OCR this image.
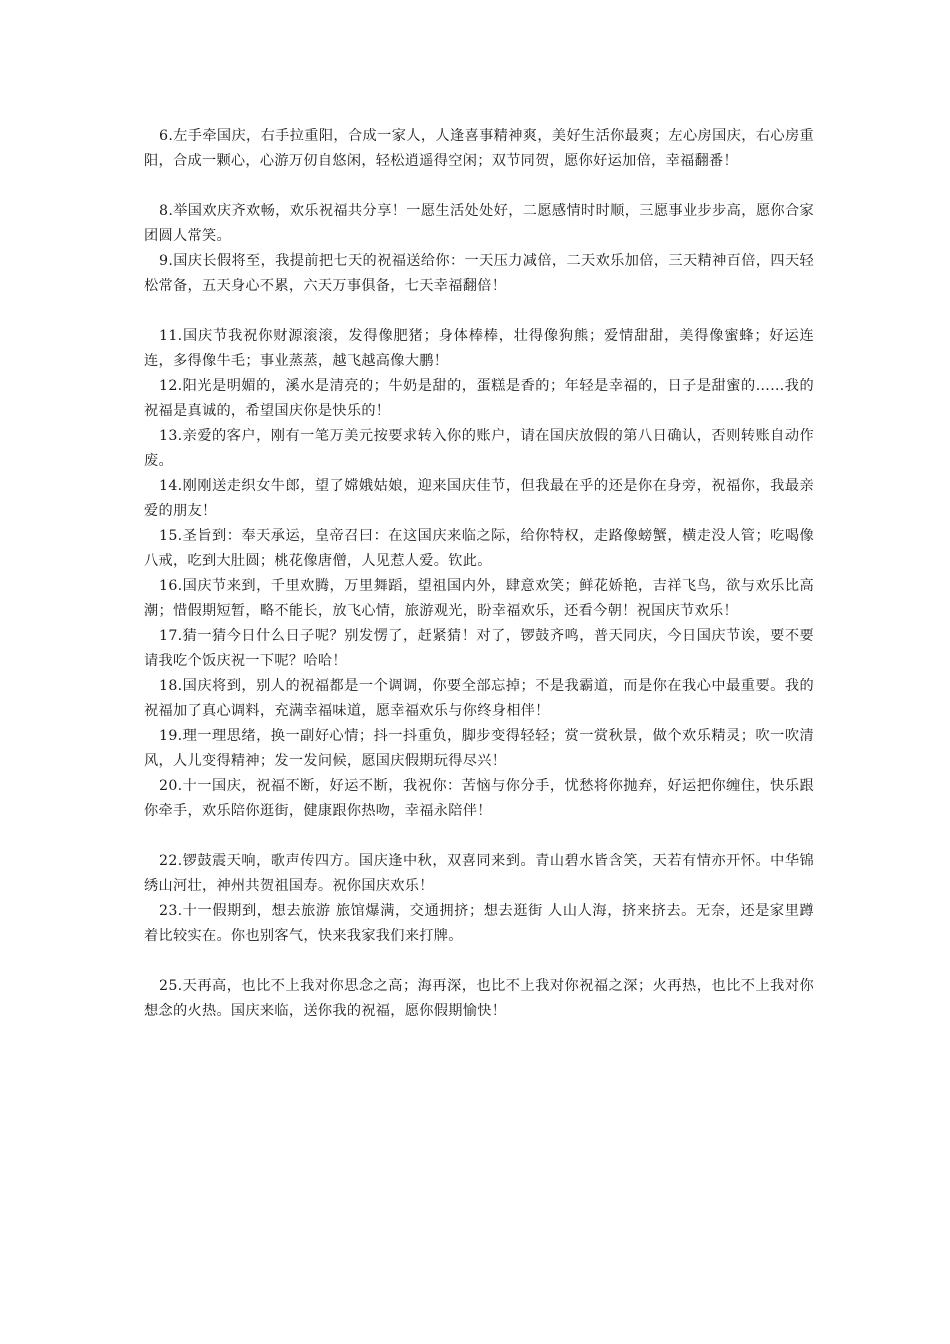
6.左手牵国庆，右手拉重阳，合成一家人，人逢喜事精神爽，美好生活你最爽；左心房国庆，右心房重阳，合成一颗心，心游万仞自悠闲，轻松逍遥得空闲；双节同贺，愿你好运加倍，幸福翻番！

8.举国欢庆齐欢畅，欢乐祝福共分享！一愿生活处处好，二愿感情时时顺，三愿事业步步高，愿你合家团圆人常笑。

9.国庆长假将至，我提前把七天的祝福送给你：一天压力减倍，二天欢乐加倍，三天精神百倍，四天轻松常备，五天身心不累，六天万事俱备，七天幸福翻倍！

11.国庆节我祝你财源滚滚，发得像肥猪；身体棒棒，壮得像狗熊；爱情甜甜，美得像蜜蜂；好运连连，多得像牛毛；事业蒸蒸，越飞越高像大鹏！

12.阳光是明媚的，溪水是清亮的；牛奶是甜的，蛋糕是香的；年轻是幸福的，日子是甜蜜的……我的祝福是真诚的，希望国庆你是快乐的！

13.亲爱的客户，刚有一笔万美元按要求转入你的账户，请在国庆放假的第八日确认，否则转账自动作废。

14.刚刚送走织女牛郎，望了嫦娥姑娘，迎来国庆佳节，但我最在乎的还是你在身旁，祝福你，我最亲爱的朋友！

15.圣旨到：奉天承运，皇帝召曰：在这国庆来临之际，给你特权，走路像螃蟹，横走没人管；吃喝像八戒，吃到大肚圆；桃花像唐僧，人见惹人爱。钦此。

16.国庆节来到，千里欢腾，万里舞蹈，望祖国内外，肆意欢笑；鲜花娇艳，吉祥飞鸟，欲与欢乐比高潮；惜假期短暂，略不能长，放飞心情，旅游观光，盼幸福欢乐，还看今朝！祝国庆节欢乐！

17.猜一猜今日什么日子呢？别发愣了，赶紧猜！对了，锣鼓齐鸣，普天同庆，今日国庆节诶，要不要请我吃个饭庆祝一下呢？哈哈！

18.国庆将到，别人的祝福都是一个调调，你要全部忘掉；不是我霸道，而是你在我心中最重要。我的祝福加了真心调料，充满幸福味道，愿幸福欢乐与你终身相伴！

19.理一理思绪，换一副好心情；抖一抖重负，脚步变得轻轻；赏一赏秋景，做个欢乐精灵；吹一吹清风，人儿变得精神；发一发问候，愿国庆假期玩得尽兴！

20.十一国庆，祝福不断，好运不断，我祝你：苦恼与你分手，忧愁将你抛弃，好运把你缠住，快乐跟你牵手，欢乐陪你逛街，健康跟你热吻，幸福永陪伴！

22.锣鼓震天响，歌声传四方。国庆逢中秋，双喜同来到。青山碧水皆含笑，天若有情亦开怀。中华锦绣山河壮，神州共贺祖国寿。祝你国庆欢乐！

23.十一假期到，想去旅游 旅馆爆满，交通拥挤；想去逛街 人山人海，挤来挤去。无奈，还是家里蹲着比较实在。你也别客气，快来我家我们来打牌。

25.天再高，也比不上我对你思念之高；海再深，也比不上我对你祝福之深；火再热，也比不上我对你想念的火热。国庆来临，送你我的祝福，愿你假期愉快！
